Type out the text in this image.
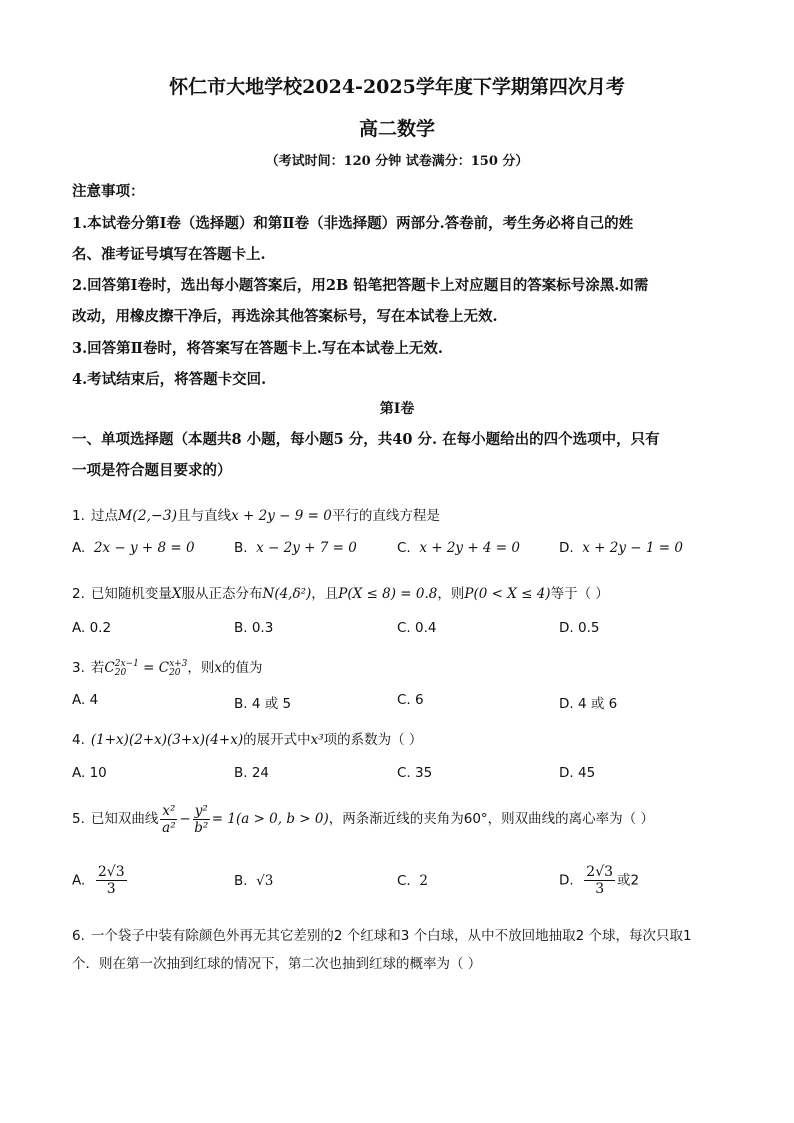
怀仁市大地学校2024-2025学年度下学期第四次月考
高二数学
（考试时间：120 分钟 试卷满分：150 分）
注意事项：
1.本试卷分第Ⅰ卷（选择题）和第Ⅱ卷（非选择题）两部分.答卷前，考生务必将自己的姓
名、准考证号填写在答题卡上.
2.回答第Ⅰ卷时，选出每小题答案后，用2B 铅笔把答题卡上对应题目的答案标号涂黑.如需
改动，用橡皮擦干净后，再选涂其他答案标号，写在本试卷上无效.
3.回答第Ⅱ卷时，将答案写在答题卡上.写在本试卷上无效.
4.考试结束后，将答题卡交回.
第Ⅰ卷
一、单项选择题（本题共8 小题，每小题5 分，共40 分. 在每小题给出的四个选项中，只有
一项是符合题目要求的）
1. 过点M(2,−3)且与直线x + 2y − 9 = 0平行的直线方程是
A. 2x − y + 8 = 0	B. x − 2y + 7 = 0	C. x + 2y + 4 = 0	D. x + 2y − 1 = 0
2. 已知随机变量X服从正态分布N(4,δ²)，且P(X ≤ 8) = 0.8，则P(0 < X ≤ 4)等于（ ）
A. 0.2	B. 0.3	C. 0.4	D. 0.5
3. 若C 2x−1
20 = C x+3
20 ，则x的值为
A. 4	B. 4 或 5	C. 6	D. 4 或 6
4. (1+x)(2+x)(3+x)(4+x)的展开式中x³项的系数为（ ）
A. 10	B. 24	C. 35	D. 45
5. 已知双曲线 $\frac{\text{x²}}{\text{a²}} - \frac{\text{y²}}{\text{b²}} = 1(a > 0$, b > 0)，两条渐近线的夹角为60°，则双曲线的离心率为（ ）
A. $\frac{2√3}{3}$	B. √3	C. 2	D. $\frac{2√3}{3}$ 或2
6. 一个袋子中装有除颜色外再无其它差别的2 个红球和3 个白球，从中不放回地抽取2 个球，每次只取1
个．则在第一次抽到红球的情况下，第二次也抽到红球的概率为（ ）
